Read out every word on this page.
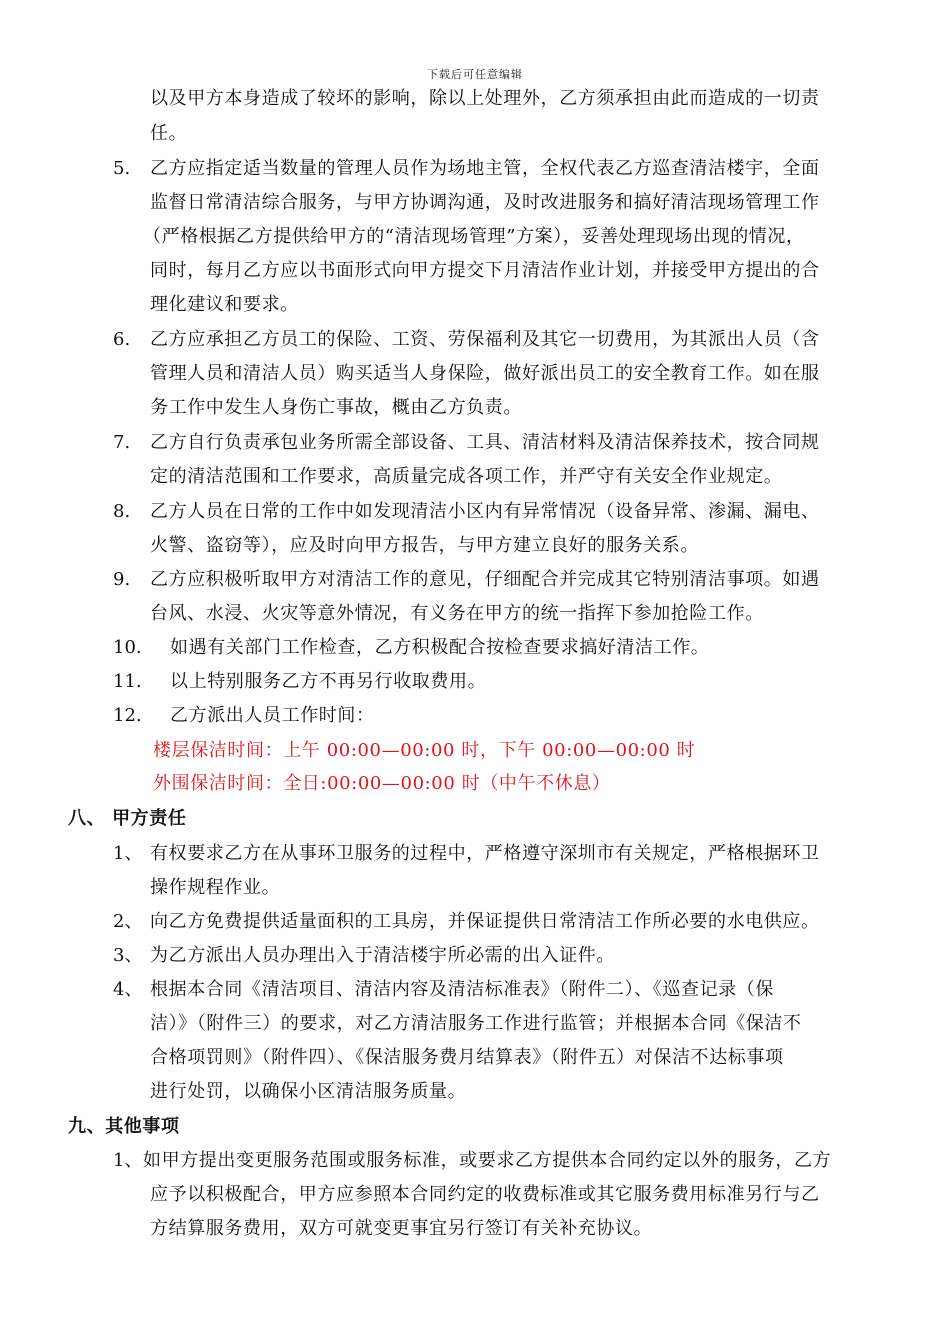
下载后可任意编辑
以及甲方本身造成了较坏的影响，除以上处理外，乙方须承担由此而造成的一切责
任。
5. 乙方应指定适当数量的管理人员作为场地主管，全权代表乙方巡查清洁楼宇，全面
监督日常清洁综合服务，与甲方协调沟通，及时改进服务和搞好清洁现场管理工作
（严格根据乙方提供给甲方的“清洁现场管理”方案），妥善处理现场出现的情况，
同时，每月乙方应以书面形式向甲方提交下月清洁作业计划，并接受甲方提出的合
理化建议和要求。
6. 乙方应承担乙方员工的保险、工资、劳保福利及其它一切费用，为其派出人员（含
管理人员和清洁人员）购买适当人身保险，做好派出员工的安全教育工作。如在服
务工作中发生人身伤亡事故，概由乙方负责。
7. 乙方自行负责承包业务所需全部设备、工具、清洁材料及清洁保养技术，按合同规
定的清洁范围和工作要求，高质量完成各项工作，并严守有关安全作业规定。
8. 乙方人员在日常的工作中如发现清洁小区内有异常情况（设备异常、渗漏、漏电、
火警、盗窃等），应及时向甲方报告，与甲方建立良好的服务关系。
9. 乙方应积极听取甲方对清洁工作的意见，仔细配合并完成其它特别清洁事项。如遇
台风、水浸、火灾等意外情况，有义务在甲方的统一指挥下参加抢险工作。
10. 如遇有关部门工作检查，乙方积极配合按检查要求搞好清洁工作。
11. 以上特别服务乙方不再另行收取费用。
12. 乙方派出人员工作时间：
楼层保洁时间：上午 00:00—00:00 时，下午 00:00—00:00 时
外围保洁时间：全日:00:00—00:00 时（中午不休息）
八、 甲方责任
1、 有权要求乙方在从事环卫服务的过程中，严格遵守深圳市有关规定，严格根据环卫
操作规程作业。
2、 向乙方免费提供适量面积的工具房，并保证提供日常清洁工作所必要的水电供应。
3、 为乙方派出人员办理出入于清洁楼宇所必需的出入证件。
4、 根据本合同《清洁项目、清洁内容及清洁标准表》（附件二）、《巡查记录（保
洁）》（附件三）的要求，对乙方清洁服务工作进行监管；并根据本合同《保洁不
合格项罚则》（附件四）、《保洁服务费月结算表》（附件五）对保洁不达标事项
进行处罚，以确保小区清洁服务质量。
九、其他事项
1、 如甲方提出变更服务范围或服务标准，或要求乙方提供本合同约定以外的服务，乙方
应予以积极配合，甲方应参照本合同约定的收费标准或其它服务费用标准另行与乙
方结算服务费用，双方可就变更事宜另行签订有关补充协议。
